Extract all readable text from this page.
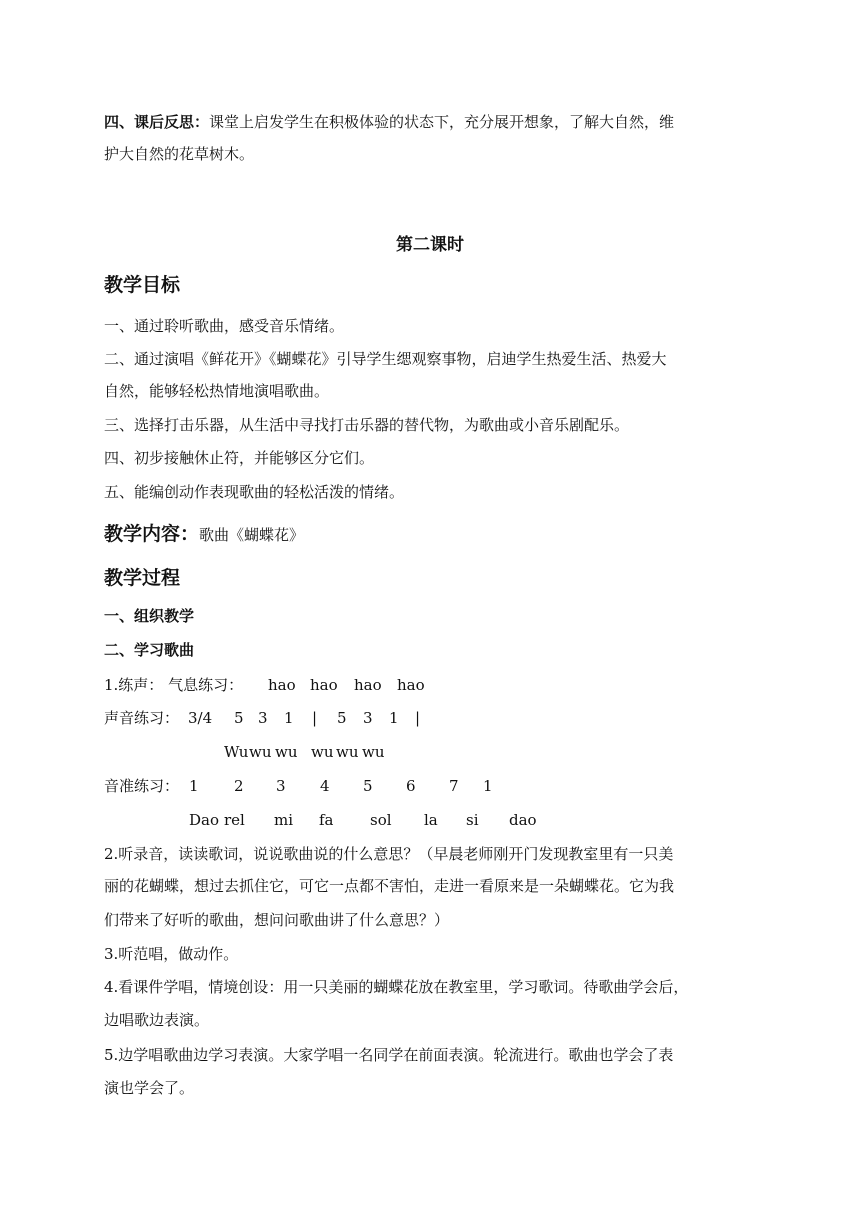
四、课后反思：课堂上启发学生在积极体验的状态下，充分展开想象，了解大自然，维
护大自然的花草树木。
第二课时
教学目标
一、通过聆听歌曲，感受音乐情绪。
二、通过演唱《鲜花开》《蝴蝶花》引导学生缌观察事物，启迪学生热爱生活、热爱大
自然，能够轻松热情地演唱歌曲。
三、选择打击乐器，从生活中寻找打击乐器的替代物，为歌曲或小音乐剧配乐。
四、初步接触休止符，并能够区分它们。
五、能编创动作表现歌曲的轻松活泼的情绪。
教学内容：歌曲《蝴蝶花》
教学过程
一、组织教学
二、学习歌曲
1.练声： 气息练习： hao hao hao hao
声音练习： 3/4 5 3 1 | 5 3 1 |
Wu wu wu wu wu wu
音准练习： 1 2 3 4 5 6 7 1
Dao rel mi fa sol la si dao
2.听录音，读读歌词，说说歌曲说的什么意思？（早晨老师刚开门发现教室里有一只美
丽的花蝴蝶，想过去抓住它，可它一点都不害怕，走进一看原来是一朵蝴蝶花。它为我
们带来了好听的歌曲，想问问歌曲讲了什么意思？）
3.听范唱，做动作。
4.看课件学唱，情境创设：用一只美丽的蝴蝶花放在教室里，学习歌词。待歌曲学会后，
边唱歌边表演。
5.边学唱歌曲边学习表演。大家学唱一名同学在前面表演。轮流进行。歌曲也学会了表
演也学会了。
